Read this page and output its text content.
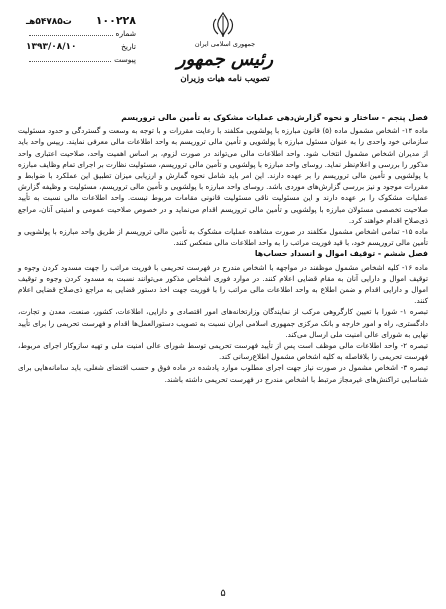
۱۰۰۲۲۸
ت۵۴۷۸۵هـ
شماره
تاریخ
۱۳۹۳/۰۸/۱۰
پیوست
جمهوری اسلامی ایران
رئیس جمهور
تصویب نامه هیات وزیران

فصل پنجم - ساختار و نحوه گزارش‌دهی عملیات مشکوک به تأمین مالی تروریسم

ماده ۱۴- اشخاص مشمول ماده (۵) قانون مبارزه با پولشویی مکلفند با رعایت مقررات و با توجه به وسعت و گستردگی و حدود مسئولیت سازمانی خود واحدی را به عنوان مسئول مبارزه با پولشویی و تأمین مالی تروریسم به واحد اطلاعات مالی معرفی نمایند. رییس واحد باید از مدیران اشخاص مشمول انتخاب شود. واحد اطلاعات مالی می‌تواند در صورت لزوم، بر اساس اهمیت واحد، صلاحیت اعتباری واحد مذکور را بررسی و اعلام‌نظر نماید. روسای واحد مبارزه با پولشویی و تأمین مالی تروریسم، مسئولیت نظارت بر اجرای تمام وظایف مبارزه با پولشویی و تأمین مالی تروریسم را بر عهده دارند. این امر باید شامل نحوه گمارش و ارزیابی میزان تطبیق این عملکرد با ضوابط و مقررات موجود و نیز بررسی گزارش‌های موردی باشد. روسای واحد مبارزه با پولشویی و تأمین مالی تروریسم، مسئولیت و وظیفه گزارش عملیات مشکوک را بر عهده دارند و این مسئولیت ناقی مسئولیت قانونی مقامات مربوط نیست. واحد اطلاعات مالی نسبت به تأیید صلاحیت تخصصی مسئولان مبارزه با پولشویی و تأمین مالی تروریسم اقدام می‌نماید و در خصوص صلاحیت عمومی و امنیتی آنان، مراجع ذی‌صلاح اقدام خواهند کرد.

ماده ۱۵- تمامی اشخاص مشمول مکلفند در صورت مشاهده عملیات مشکوک به تأمین مالی تروریسم از طریق واحد مبارزه با پولشویی و تأمین مالی تروریسم خود، با قید فوریت مراتب را به واحد اطلاعات مالی منعکس کنند.

فصل ششم - توقیف اموال و انسداد حساب‌ها

ماده ۱۶- کلیه اشخاص مشمول موظفند در مواجهه با اشخاص مندرج در فهرست تحریمی با فوریت مراتب را جهت مسدود کردن وجوه و توقیف اموال و دارایی آنان به مقام قضایی اعلام کنند. در موارد فوری اشخاص مذکور می‌توانند نسبت به مسدود کردن وجوه و توقیف اموال و دارایی اقدام و ضمن اطلاع به واحد اطلاعات مالی مراتب را با فوریت جهت اخذ دستور قضایی به مراجع ذی‌صلاح قضایی اعلام کنند.

تبصره ۱- شورا با تعیین کارگروهی مرکب از نمایندگان وزارتخانه‌های امور اقتصادی و دارایی، اطلاعات، کشور، صنعت، معدن و تجارت، دادگستری، راه و امور خارجه و بانک مرکزی جمهوری اسلامی ایران نسبت به تصویب دستورالعمل‌ها اقدام و فهرست تحریمی را برای تأیید نهایی به شورای عالی امنیت ملی ارسال می‌کند.

تبصره ۲- واحد اطلاعات مالی موظف است پس از تأیید فهرست تحریمی توسط شورای عالی امنیت ملی و تهیه سازوکار اجرای مربوط، فهرست تحریمی را بلافاصله به کلیه اشخاص مشمول اطلاع‌رسانی کند.

تبصره ۳- اشخاص مشمول در صورت نیاز جهت اجرای مطلوب موارد پادشده در ماده فوق و حسب اقتضای شغلی، باید سامانه‌هایی برای شناسایی تراکنش‌های غیرمجاز مرتبط با اشخاص مندرج در فهرست تحریمی داشته باشند.

۵
